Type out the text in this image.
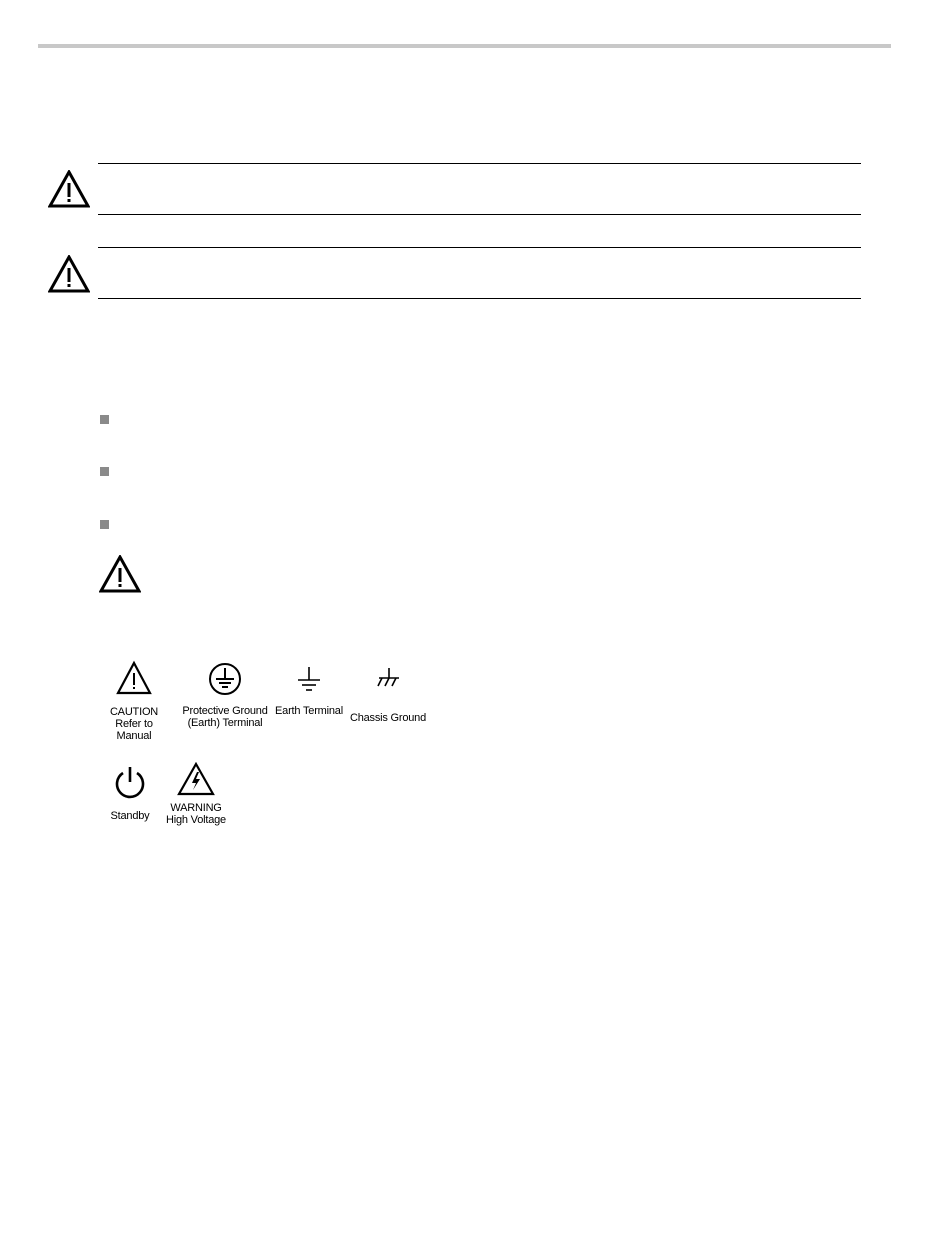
CAUTION
Refer to Manual
Protective Ground
(Earth) Terminal
Earth Terminal
Chassis Ground
Standby
WARNING
High Voltage
